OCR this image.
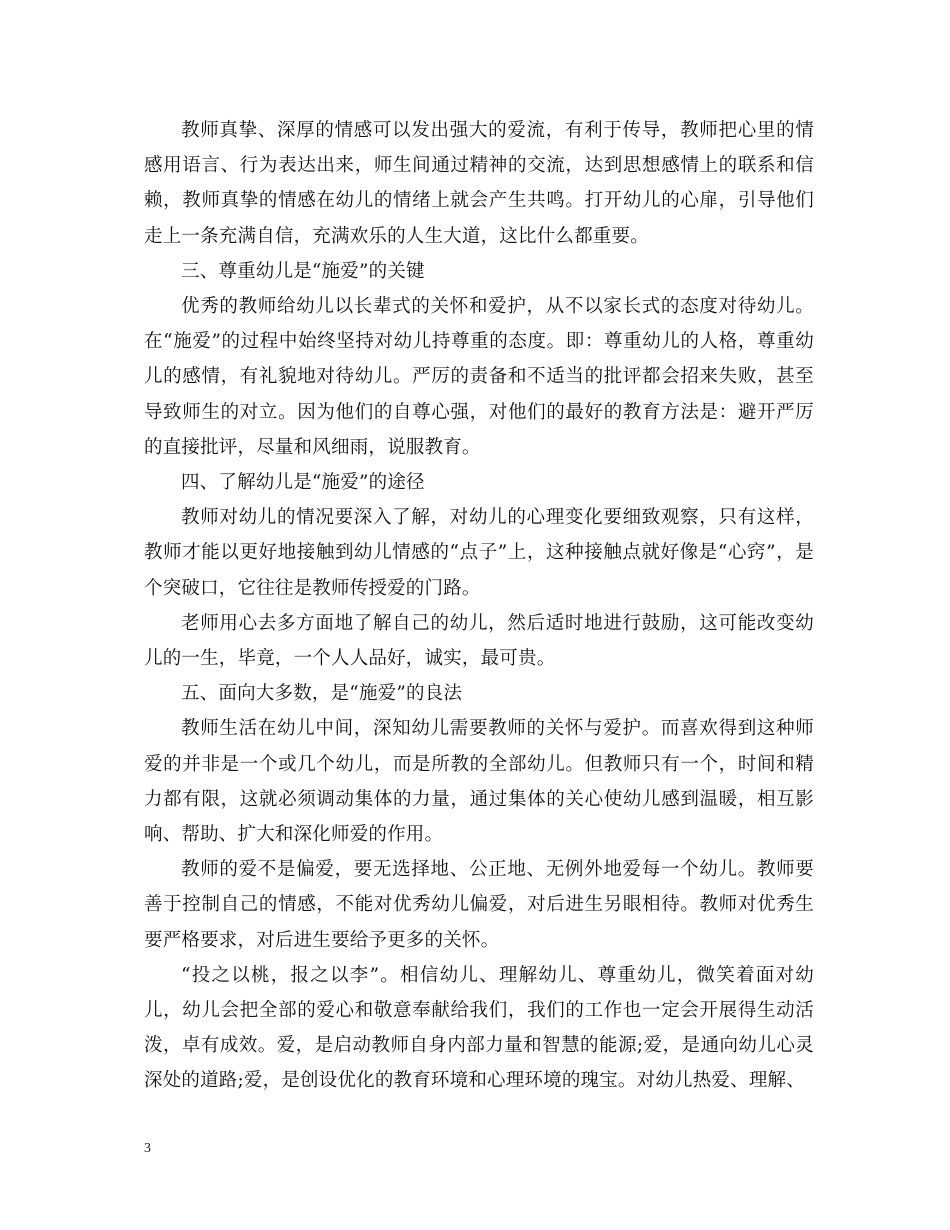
教师真挚、深厚的情感可以发出强大的爱流，有利于传导，教师把心里的情感用语言、行为表达出来，师生间通过精神的交流，达到思想感情上的联系和信赖，教师真挚的情感在幼儿的情绪上就会产生共鸣。打开幼儿的心扉，引导他们走上一条充满自信，充满欢乐的人生大道，这比什么都重要。

三、尊重幼儿是“施爱”的关键

优秀的教师给幼儿以长辈式的关怀和爱护，从不以家长式的态度对待幼儿。在“施爱”的过程中始终坚持对幼儿持尊重的态度。即：尊重幼儿的人格，尊重幼儿的感情，有礼貌地对待幼儿。严厉的责备和不适当的批评都会招来失败，甚至导致师生的对立。因为他们的自尊心强，对他们的最好的教育方法是：避开严厉的直接批评，尽量和风细雨，说服教育。

四、了解幼儿是“施爱”的途径

教师对幼儿的情况要深入了解，对幼儿的心理变化要细致观察，只有这样，教师才能以更好地接触到幼儿情感的“点子”上，这种接触点就好像是“心窍”，是个突破口，它往往是教师传授爱的门路。

老师用心去多方面地了解自己的幼儿，然后适时地进行鼓励，这可能改变幼儿的一生，毕竟，一个人人品好，诚实，最可贵。

五、面向大多数，是“施爱”的良法

教师生活在幼儿中间，深知幼儿需要教师的关怀与爱护。而喜欢得到这种师爱的并非是一个或几个幼儿，而是所教的全部幼儿。但教师只有一个，时间和精力都有限，这就必须调动集体的力量，通过集体的关心使幼儿感到温暖，相互影响、帮助、扩大和深化师爱的作用。

教师的爱不是偏爱，要无选择地、公正地、无例外地爱每一个幼儿。教师要善于控制自己的情感，不能对优秀幼儿偏爱，对后进生另眼相待。教师对优秀生要严格要求，对后进生要给予更多的关怀。

“投之以桃，报之以李”。相信幼儿、理解幼儿、尊重幼儿，微笑着面对幼儿，幼儿会把全部的爱心和敬意奉献给我们，我们的工作也一定会开展得生动活泼，卓有成效。爱，是启动教师自身内部力量和智慧的能源;爱，是通向幼儿心灵深处的道路;爱，是创设优化的教育环境和心理环境的瑰宝。对幼儿热爱、理解、

3
